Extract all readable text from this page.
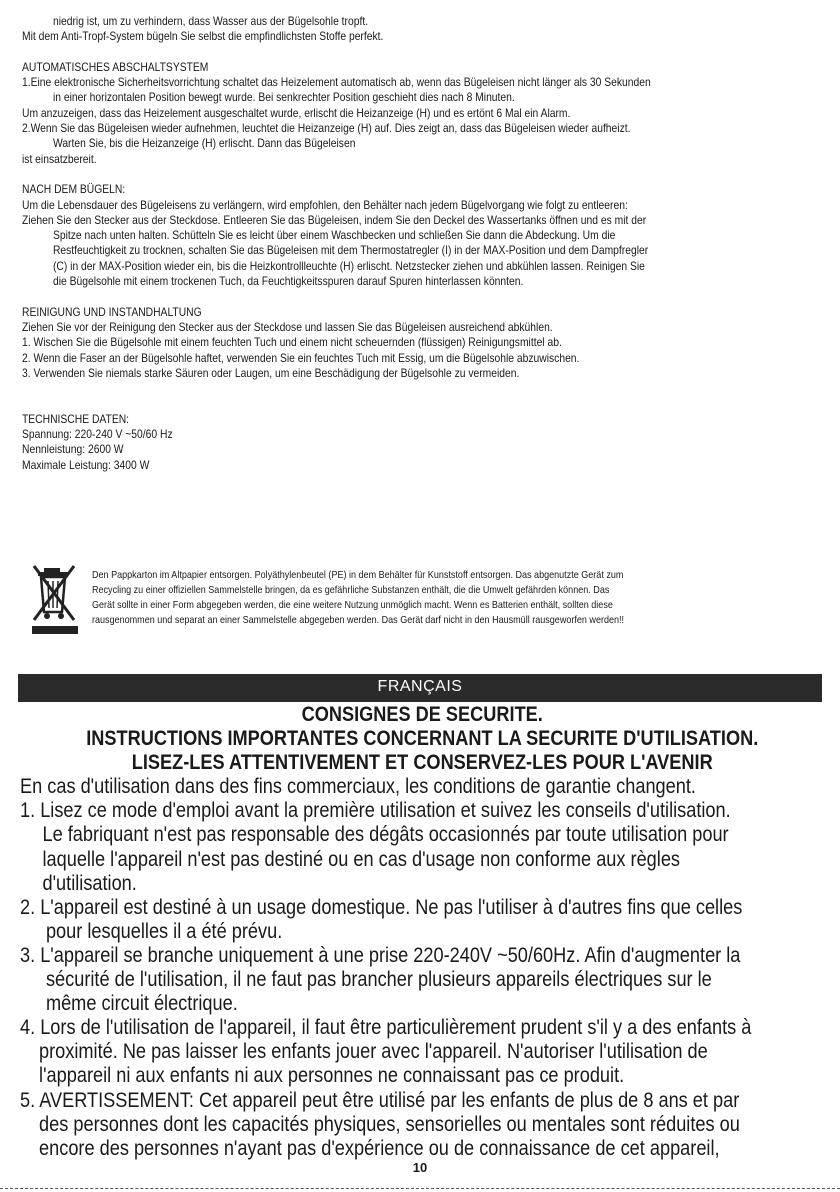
niedrig ist, um zu verhindern, dass Wasser aus der Bügelsohle tropft.

Mit dem Anti-Tropf-System bügeln Sie selbst die empfindlichsten Stoffe perfekt.

AUTOMATISCHES ABSCHALTSYSTEM

1.Eine elektronische Sicherheitsvorrichtung schaltet das Heizelement automatisch ab, wenn das Bügeleisen nicht länger als 30 Sekunden

in einer horizontalen Position bewegt wurde. Bei senkrechter Position geschieht dies nach 8 Minuten.

Um anzuzeigen, dass das Heizelement ausgeschaltet wurde, erlischt die Heizanzeige (H) und es ertönt 6 Mal ein Alarm.

2.Wenn Sie das Bügeleisen wieder aufnehmen, leuchtet die Heizanzeige (H) auf. Dies zeigt an, dass das Bügeleisen wieder aufheizt.

Warten Sie, bis die Heizanzeige (H) erlischt. Dann das Bügeleisen

ist einsatzbereit.

NACH DEM BÜGELN:

Um die Lebensdauer des Bügeleisens zu verlängern, wird empfohlen, den Behälter nach jedem Bügelvorgang wie folgt zu entleeren:

Ziehen Sie den Stecker aus der Steckdose. Entleeren Sie das Bügeleisen, indem Sie den Deckel des Wassertanks öffnen und es mit der

Spitze nach unten halten. Schütteln Sie es leicht über einem Waschbecken und schließen Sie dann die Abdeckung. Um die

Restfeuchtigkeit zu trocknen, schalten Sie das Bügeleisen mit dem Thermostatregler (I) in der MAX-Position und dem Dampfregler

(C) in der MAX-Position wieder ein, bis die Heizkontrollleuchte (H) erlischt. Netzstecker ziehen und abkühlen lassen. Reinigen Sie

die Bügelsohle mit einem trockenen Tuch, da Feuchtigkeitsspuren darauf Spuren hinterlassen könnten.

REINIGUNG UND INSTANDHALTUNG

Ziehen Sie vor der Reinigung den Stecker aus der Steckdose und lassen Sie das Bügeleisen ausreichend abkühlen.

1. Wischen Sie die Bügelsohle mit einem feuchten Tuch und einem nicht scheuernden (flüssigen) Reinigungsmittel ab.

2. Wenn die Faser an der Bügelsohle haftet, verwenden Sie ein feuchtes Tuch mit Essig, um die Bügelsohle abzuwischen.

3. Verwenden Sie niemals starke Säuren oder Laugen, um eine Beschädigung der Bügelsohle zu vermeiden.

TECHNISCHE DATEN:

Spannung: 220-240 V ~50/60 Hz

Nennleistung: 2600 W

Maximale Leistung: 3400 W

Den Pappkarton im Altpapier entsorgen. Polyäthylenbeutel (PE) in dem Behälter für Kunststoff entsorgen. Das abgenutzte Gerät zum

Recycling zu einer offiziellen Sammelstelle bringen, da es gefährliche Substanzen enthält, die die Umwelt gefährden können. Das

Gerät sollte in einer Form abgegeben werden, die eine weitere Nutzung unmöglich macht. Wenn es Batterien enthält, sollten diese

rausgenommen und separat an einer Sammelstelle abgegeben werden. Das Gerät darf nicht in den Hausmüll rausgeworfen werden!!

FRANÇAIS

CONSIGNES DE SECURITE.

INSTRUCTIONS IMPORTANTES CONCERNANT LA SECURITE D'UTILISATION.

LISEZ-LES ATTENTIVEMENT ET CONSERVEZ-LES POUR L'AVENIR

En cas d'utilisation dans des fins commerciaux, les conditions de garantie changent.

1. Lisez ce mode d'emploi avant la première utilisation et suivez les conseils d'utilisation.

Le fabriquant n'est pas responsable des dégâts occasionnés par toute utilisation pour

laquelle l'appareil n'est pas destiné ou en cas d'usage non conforme aux règles

d'utilisation.

2. L'appareil est destiné à un usage domestique. Ne pas l'utiliser à d'autres fins que celles

pour lesquelles il a été prévu.

3. L'appareil se branche uniquement à une prise 220-240V ~50/60Hz. Afin d'augmenter la

sécurité de l'utilisation, il ne faut pas brancher plusieurs appareils électriques sur le

même circuit électrique.

4. Lors de l'utilisation de l'appareil, il faut être particulièrement prudent s'il y a des enfants à

proximité. Ne pas laisser les enfants jouer avec l'appareil. N'autoriser l'utilisation de

l'appareil ni aux enfants ni aux personnes ne connaissant pas ce produit.

5. AVERTISSEMENT: Cet appareil peut être utilisé par les enfants de plus de 8 ans et par

des personnes dont les capacités physiques, sensorielles ou mentales sont réduites ou

encore des personnes n'ayant pas d'expérience ou de connaissance de cet appareil,

10
